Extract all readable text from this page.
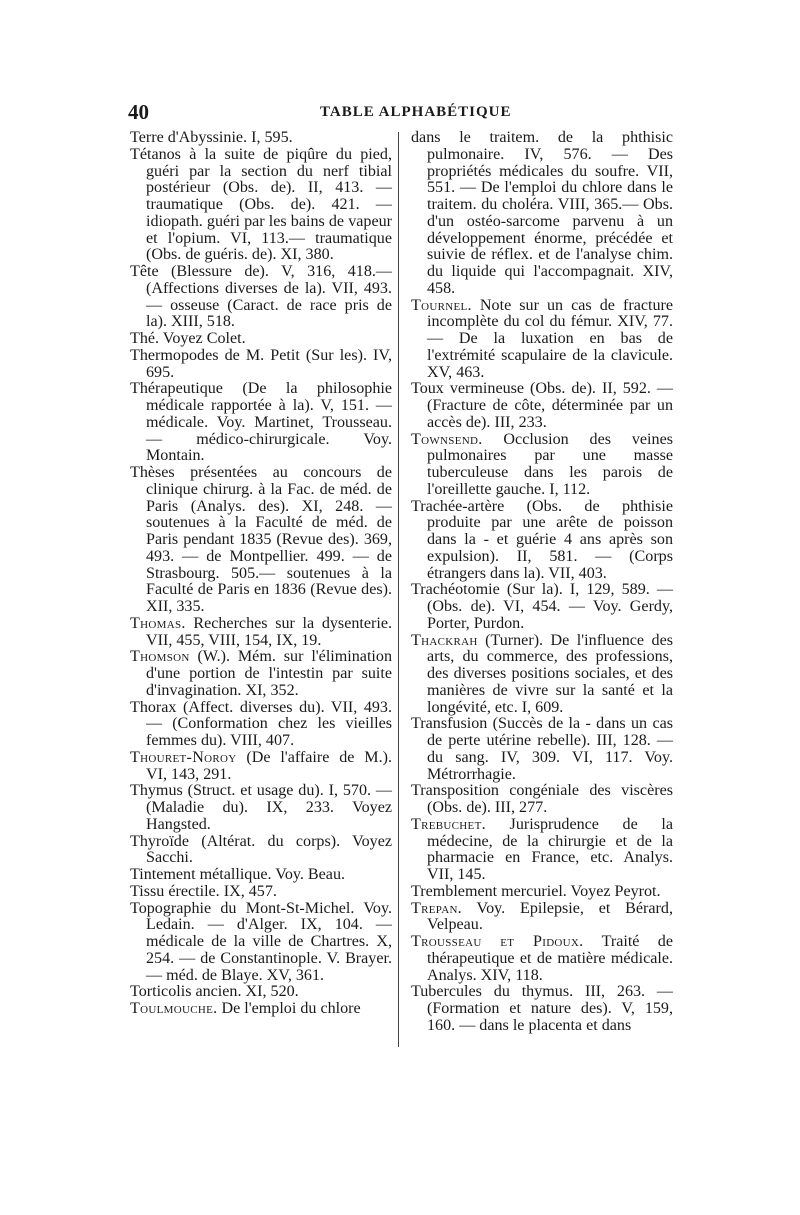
40	TABLE ALPHABÉTIQUE

Terre d'Abyssinie. I, 595.

Tétanos à la suite de piqûre du pied, guéri par la section du nerf tibial postérieur (Obs. de). II, 413. — traumatique (Obs. de). 421. — idiopath. guéri par les bains de vapeur et l'opium. VI, 113.— traumatique (Obs. de guéris. de). XI, 380.

Tête (Blessure de). V, 316, 418.—(Affections diverses de la). VII, 493.— osseuse (Caract. de race pris de la). XIII, 518.

Thé. Voyez Colet.

Thermopodes de M. Petit (Sur les). IV, 695.

Thérapeutique (De la philosophie médicale rapportée à la). V, 151. — médicale. Voy. Martinet, Trousseau. — médico-chirurgicale. Voy. Montain.

Thèses présentées au concours de clinique chirurg. à la Fac. de méd. de Paris (Analys. des). XI, 248. — soutenues à la Faculté de méd. de Paris pendant 1835 (Revue des). 369, 493. — de Montpellier. 499. — de Strasbourg. 505.— soutenues à la Faculté de Paris en 1836 (Revue des). XII, 335.

Thomas. Recherches sur la dysenterie. VII, 455, VIII, 154, IX, 19.

Thomson (W.). Mém. sur l'élimination d'une portion de l'intestin par suite d'invagination. XI, 352.

Thorax (Affect. diverses du). VII, 493. — (Conformation chez les vieilles femmes du). VIII, 407.

Thouret-Noroy (De l'affaire de M.). VI, 143, 291.

Thymus (Struct. et usage du). I, 570. — (Maladie du). IX, 233. Voyez Hangsted.

Thyroïde (Altérat. du corps). Voyez Sacchi.

Tintement métallique. Voy. Beau.

Tissu érectile. IX, 457.

Topographie du Mont-St-Michel. Voy. Ledain. — d'Alger. IX, 104. — médicale de la ville de Chartres. X, 254. — de Constantinople. V. Brayer. — méd. de Blaye. XV, 361.

Torticolis ancien. XI, 520.

Toulmouche. De l'emploi du chlore

dans le traitem. de la phthisic pulmonaire. IV, 576. — Des propriétés médicales du soufre. VII, 551. — De l'emploi du chlore dans le traitem. du choléra. VIII, 365.— Obs. d'un ostéo-sarcome parvenu à un développement énorme, précédée et suivie de réflex. et de l'analyse chim. du liquide qui l'accompagnait. XIV, 458.

Tournel. Note sur un cas de fracture incomplète du col du fémur. XIV, 77. — De la luxation en bas de l'extrémité scapulaire de la clavicule. XV, 463.

Toux vermineuse (Obs. de). II, 592. —(Fracture de côte, déterminée par un accès de). III, 233.

Townsend. Occlusion des veines pulmonaires par une masse tuberculeuse dans les parois de l'oreillette gauche. I, 112.

Trachée-artère (Obs. de phthisie produite par une arête de poisson dans la - et guérie 4 ans après son expulsion). II, 581. — (Corps étrangers dans la). VII, 403.

Trachéotomie (Sur la). I, 129, 589. — (Obs. de). VI, 454. — Voy. Gerdy, Porter, Purdon.

Thackrah (Turner). De l'influence des arts, du commerce, des professions, des diverses positions sociales, et des manières de vivre sur la santé et la longévité, etc. I, 609.

Transfusion (Succès de la - dans un cas de perte utérine rebelle). III, 128. — du sang. IV, 309. VI, 117. Voy. Métrorrhagie.

Transposition congéniale des viscères (Obs. de). III, 277.

Trebuchet. Jurisprudence de la médecine, de la chirurgie et de la pharmacie en France, etc. Analys. VII, 145.

Tremblement mercuriel. Voyez Peyrot.

Trepan. Voy. Epilepsie, et Bérard, Velpeau.

Trousseau et Pidoux. Traité de thérapeutique et de matière médicale. Analys. XIV, 118.

Tubercules du thymus. III, 263. — (Formation et nature des). V, 159, 160. — dans le placenta et dans
